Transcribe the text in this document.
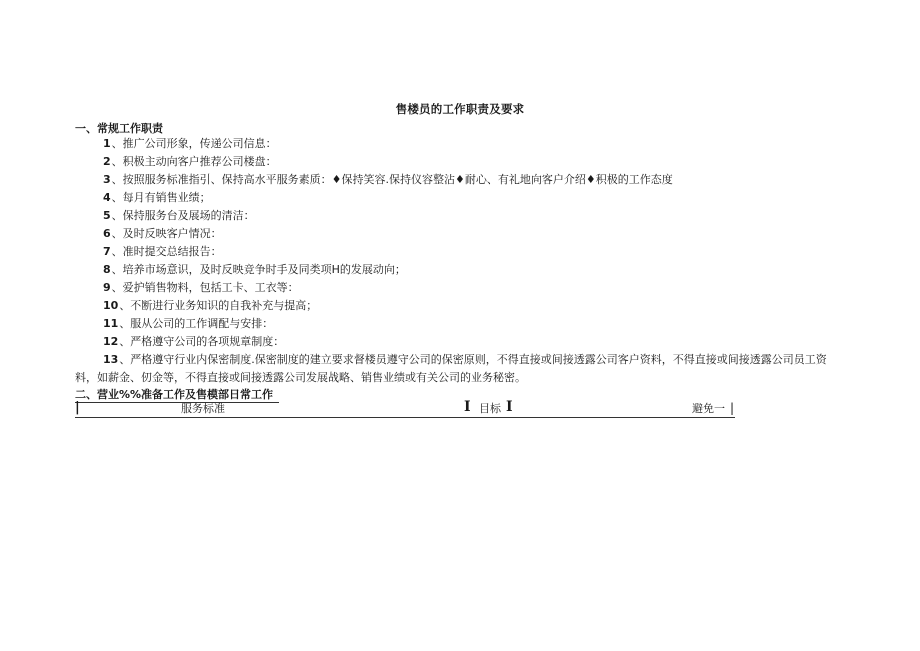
售楼员的工作职责及要求
一、常规工作职责
1、推广公司形象，传递公司信息：
2、积极主动向客户推荐公司楼盘：
3、按照服务标准指引、保持高水平服务素质：♦保持笑容.保持仪容整沾♦耐心、有礼地向客户介绍♦积极的工作态度
4、每月有销售业绩；
5、保持服务台及展场的清洁：
6、及时反映客户情况：
7、准时提交总结报告：
8、培养市场意识，及时反映竞争时手及同类项H的发展动向；
9、爱护销售物料，包括工卡、工衣等：
10、不断进行业务知识的自我补充与提高；
11、服从公司的工作调配与安排：
12、严格遵守公司的各项规章制度：
13、严格遵守行业内保密制度.保密制度的建立要求督楼员遵守公司的保密原则，不得直接或间接透露公司客户资料，不得直接或间接透露公司员工资料，如薪金、仞金等，不得直接或间接透露公司发展战略、销售业绩或有关公司的业务秘密。
二、营业%%准备工作及售模部日常工作
|	服务标准	I 目标 I	避免一 |
